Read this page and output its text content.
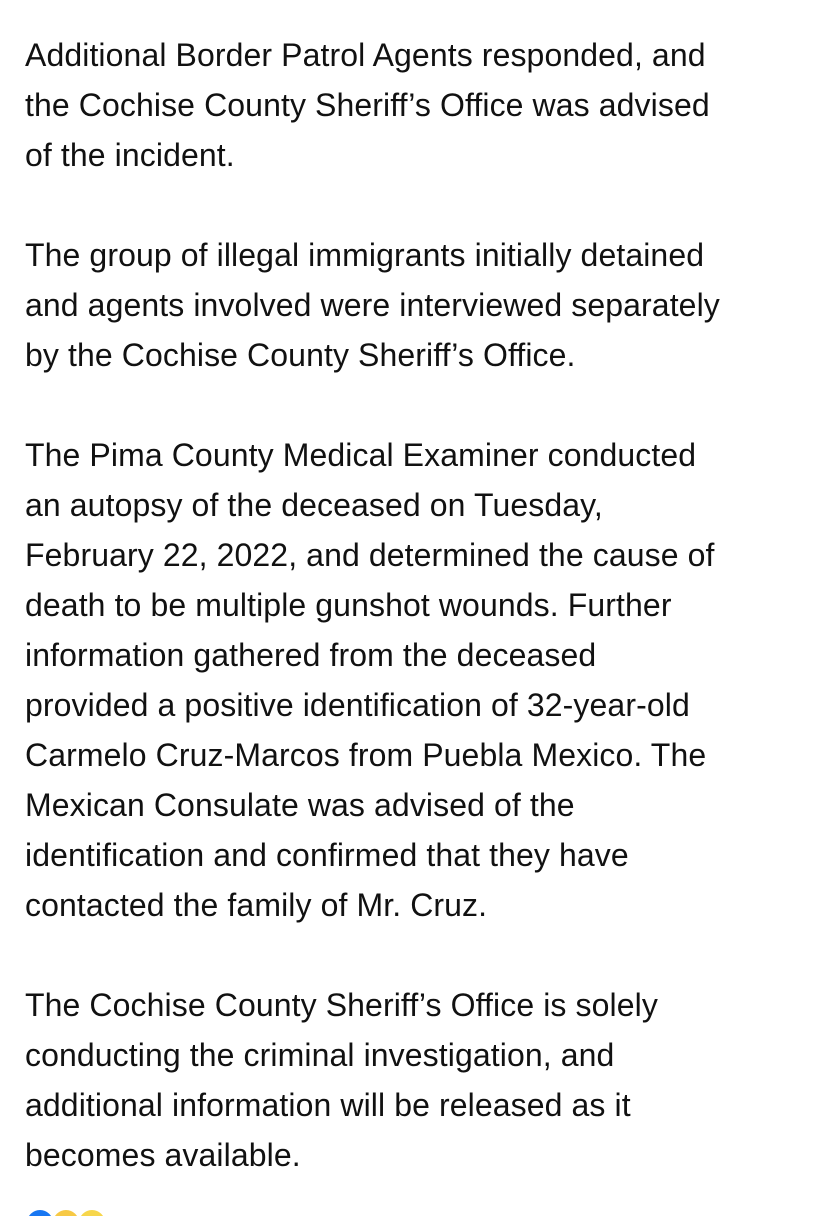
Additional Border Patrol Agents responded, and
the Cochise County Sheriff’s Office was advised
of the incident.

The group of illegal immigrants initially detained
and agents involved were interviewed separately
by the Cochise County Sheriff’s Office.

The Pima County Medical Examiner conducted
an autopsy of the deceased on Tuesday,
February 22, 2022, and determined the cause of
death to be multiple gunshot wounds. Further
information gathered from the deceased
provided a positive identification of 32-year-old
Carmelo Cruz-Marcos from Puebla Mexico. The
Mexican Consulate was advised of the
identification and confirmed that they have
contacted the family of Mr. Cruz.

The Cochise County Sheriff’s Office is solely
conducting the criminal investigation, and
additional information will be released as it
becomes available.
